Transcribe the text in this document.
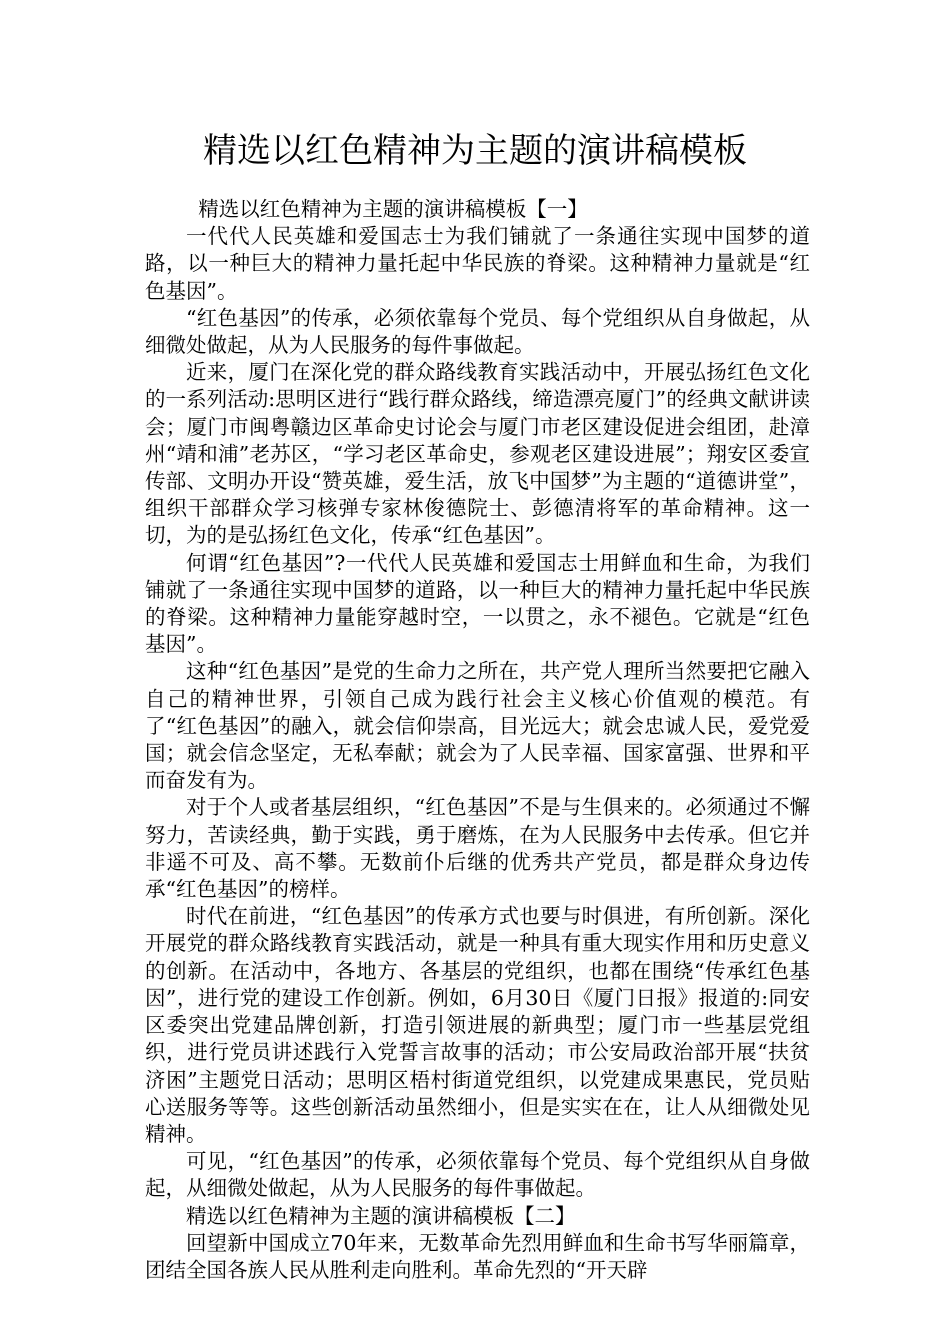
精选以红色精神为主题的演讲稿模板

精选以红色精神为主题的演讲稿模板【一】

一代代人民英雄和爱国志士为我们铺就了一条通往实现中国梦的道路，以一种巨大的精神力量托起中华民族的脊梁。这种精神力量就是“红色基因”。

“红色基因”的传承，必须依靠每个党员、每个党组织从自身做起，从细微处做起，从为人民服务的每件事做起。

近来，厦门在深化党的群众路线教育实践活动中，开展弘扬红色文化的一系列活动:思明区进行“践行群众路线，缔造漂亮厦门”的经典文献讲读会；厦门市闽粤赣边区革命史讨论会与厦门市老区建设促进会组团，赴漳州“靖和浦”老苏区，“学习老区革命史，参观老区建设进展”；翔安区委宣传部、文明办开设“赞英雄，爱生活，放飞中国梦”为主题的“道德讲堂”，组织干部群众学习核弹专家林俊德院士、彭德清将军的革命精神。这一切，为的是弘扬红色文化，传承“红色基因”。

何谓“红色基因”?一代代人民英雄和爱国志士用鲜血和生命，为我们铺就了一条通往实现中国梦的道路，以一种巨大的精神力量托起中华民族的脊梁。这种精神力量能穿越时空，一以贯之，永不褪色。它就是“红色基因”。

这种“红色基因”是党的生命力之所在，共产党人理所当然要把它融入自己的精神世界，引领自己成为践行社会主义核心价值观的模范。有了“红色基因”的融入，就会信仰崇高，目光远大；就会忠诚人民，爱党爱国；就会信念坚定，无私奉献；就会为了人民幸福、国家富强、世界和平而奋发有为。

对于个人或者基层组织，“红色基因”不是与生俱来的。必须通过不懈努力，苦读经典，勤于实践，勇于磨炼，在为人民服务中去传承。但它并非遥不可及、高不攀。无数前仆后继的优秀共产党员，都是群众身边传承“红色基因”的榜样。

时代在前进，“红色基因”的传承方式也要与时俱进，有所创新。深化开展党的群众路线教育实践活动，就是一种具有重大现实作用和历史意义的创新。在活动中，各地方、各基层的党组织，也都在围绕“传承红色基因”，进行党的建设工作创新。例如，6月30日《厦门日报》报道的:同安区委突出党建品牌创新，打造引领进展的新典型；厦门市一些基层党组织，进行党员讲述践行入党誓言故事的活动；市公安局政治部开展“扶贫济困”主题党日活动；思明区梧村街道党组织，以党建成果惠民，党员贴心送服务等等。这些创新活动虽然细小，但是实实在在，让人从细微处见精神。

可见，“红色基因”的传承，必须依靠每个党员、每个党组织从自身做起，从细微处做起，从为人民服务的每件事做起。

精选以红色精神为主题的演讲稿模板【二】

回望新中国成立70年来，无数革命先烈用鲜血和生命书写华丽篇章，团结全国各族人民从胜利走向胜利。革命先烈的“开天辟
